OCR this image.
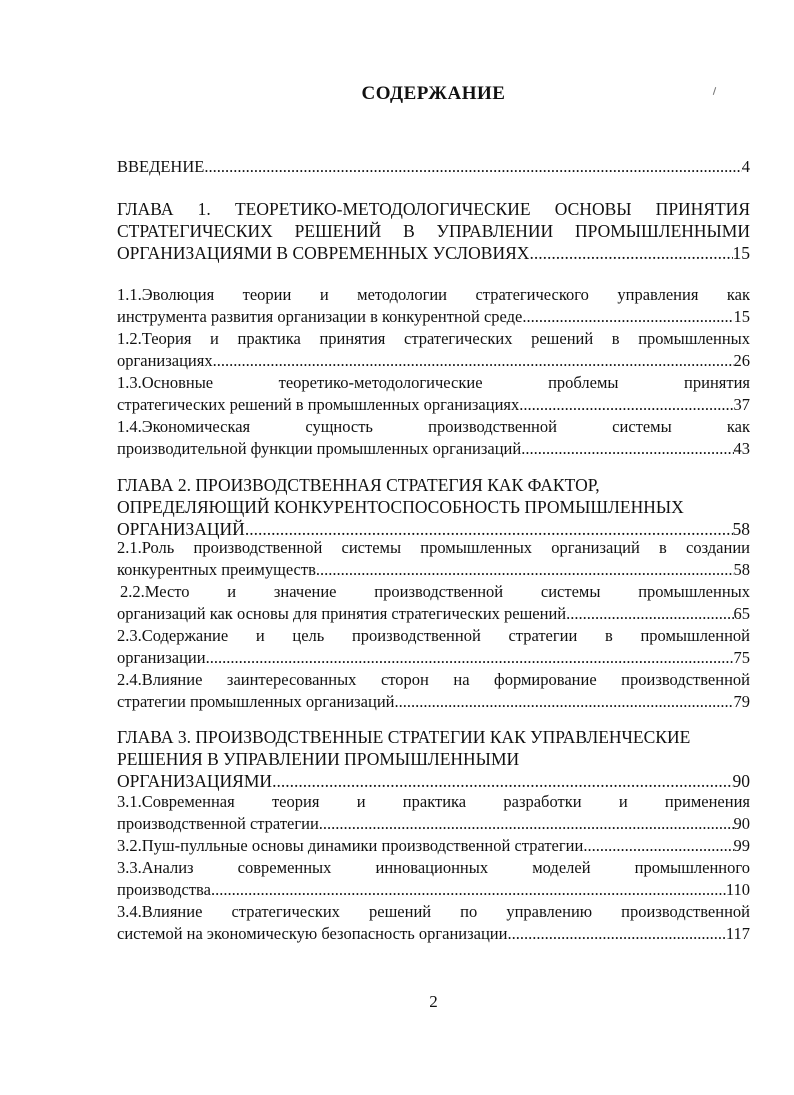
СОДЕРЖАНИЕ
ВВЕДЕНИЕ .....	4
ГЛАВА 1. ТЕОРЕТИКО-МЕТОДОЛОГИЧЕСКИЕ ОСНОВЫ ПРИНЯТИЯ
СТРАТЕГИЧЕСКИХ РЕШЕНИЙ В УПРАВЛЕНИИ ПРОМЫШЛЕННЫМИ
ОРГАНИЗАЦИЯМИ В СОВРЕМЕННЫХ УСЛОВИЯХ .....	15
1.1.Эволюция теории и методологии стратегического управления как
инструмента развития организации в конкурентной среде .....	15
1.2.Теория и практика принятия стратегических решений в промышленных
организациях .....	26
1.3.Основные теоретико-методологические проблемы принятия
стратегических решений в промышленных организациях .....	37
1.4.Экономическая сущность производственной системы как
производительной функции промышленных организаций .....	43
ГЛАВА 2. ПРОИЗВОДСТВЕННАЯ СТРАТЕГИЯ КАК ФАКТОР,
ОПРЕДЕЛЯЮЩИЙ КОНКУРЕНТОСПОСОБНОСТЬ ПРОМЫШЛЕННЫХ
ОРГАНИЗАЦИЙ .....	58
2.1.Роль производственной системы промышленных организаций в создании
конкурентных преимуществ .....	58
2.2.Место и значение производственной системы промышленных
организаций как основы для принятия стратегических решений .....	65
2.3.Содержание и цель производственной стратегии в промышленной
организации .....	75
2.4.Влияние заинтересованных сторон на формирование производственной
стратегии промышленных организаций .....	79
ГЛАВА 3. ПРОИЗВОДСТВЕННЫЕ СТРАТЕГИИ КАК УПРАВЛЕНЧЕСКИЕ
РЕШЕНИЯ В УПРАВЛЕНИИ ПРОМЫШЛЕННЫМИ
ОРГАНИЗАЦИЯМИ .....	90
3.1.Современная теория и практика разработки и применения
производственной стратегии .....	90
3.2.Пуш-пулльные основы динамики производственной стратегии .....	99
3.3.Анализ современных инновационных моделей промышленного
производства .....	110
3.4.Влияние стратегических решений по управлению производственной
системой на экономическую безопасность организации .....	117
2
